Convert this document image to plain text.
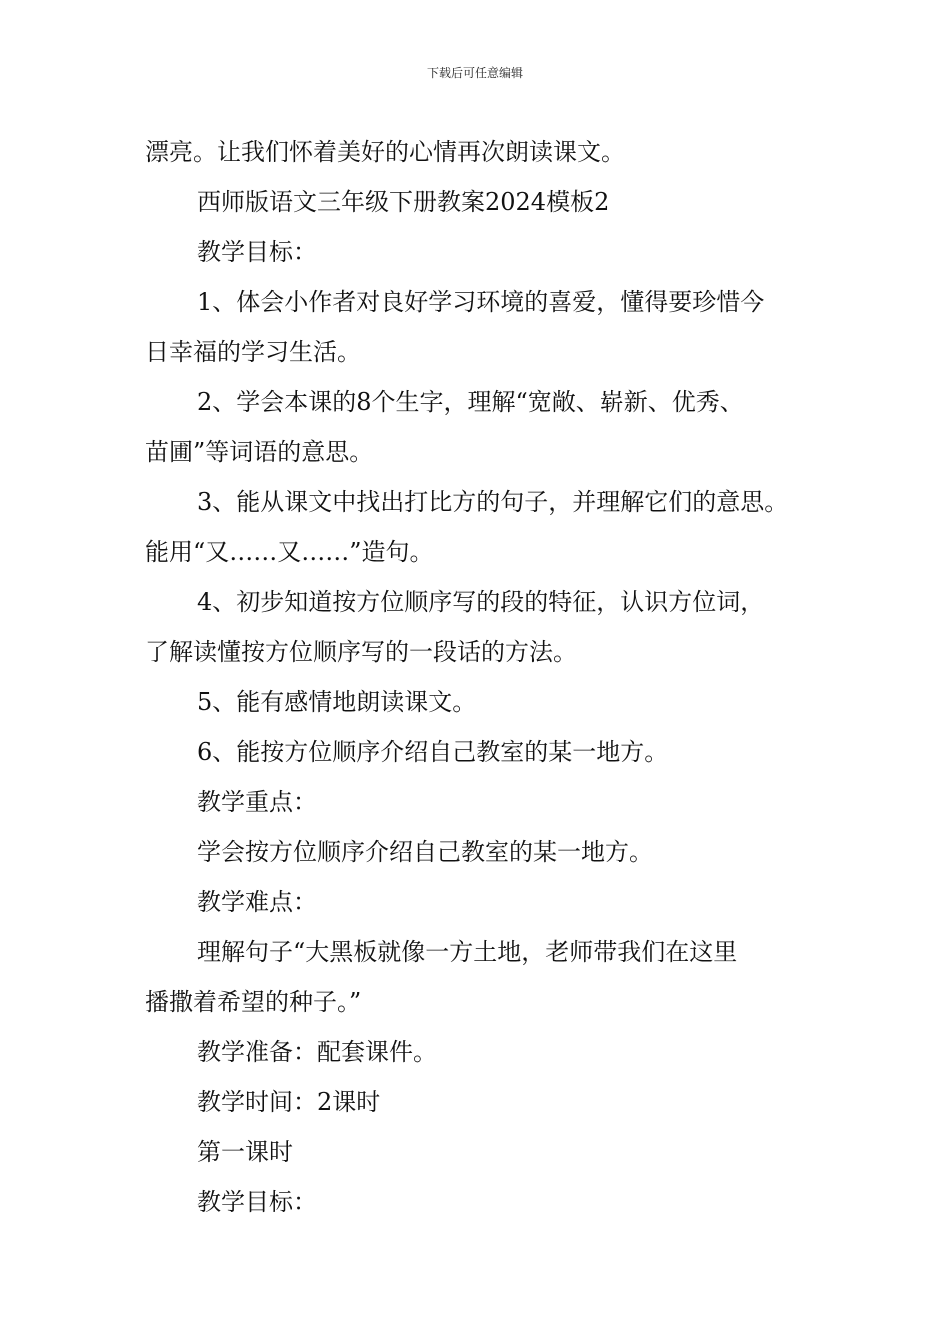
下载后可任意编辑
漂亮。让我们怀着美好的心情再次朗读课文。
西师版语文三年级下册教案2024模板2
教学目标：
1、体会小作者对良好学习环境的喜爱，懂得要珍惜今
日幸福的学习生活。
2、学会本课的8个生字，理解“宽敞、崭新、优秀、
苗圃”等词语的意思。
3、能从课文中找出打比方的句子，并理解它们的意思。
能用“又……又……”造句。
4、初步知道按方位顺序写的段的特征，认识方位词，
了解读懂按方位顺序写的一段话的方法。
5、能有感情地朗读课文。
6、能按方位顺序介绍自己教室的某一地方。
教学重点：
学会按方位顺序介绍自己教室的某一地方。
教学难点：
理解句子“大黑板就像一方土地，老师带我们在这里
播撒着希望的种子。”
教学准备：配套课件。
教学时间：2课时
第一课时
教学目标：
